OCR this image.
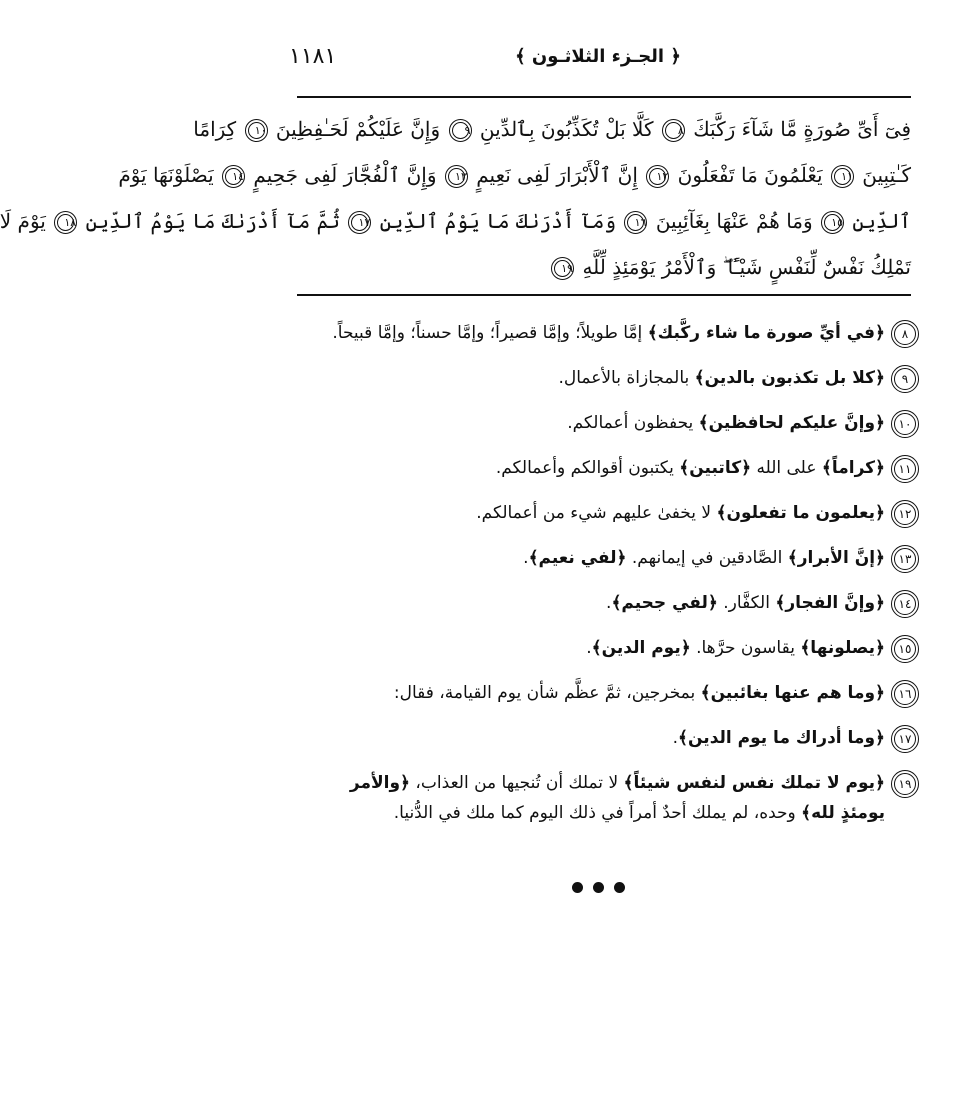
١١٨١	﴿ الجـزء الثلاثـون ﴾
فِىٓ أَىِّ صُورَةٍ مَّا شَآءَ رَكَّبَكَ ٨ كَلَّا بَلْ تُكَذِّبُونَ بِٱلدِّينِ ٩ وَإِنَّ عَلَيْكُمْ لَحَـٰفِظِينَ ١٠ كِرَامًا
كَـٰتِبِينَ ١١ يَعْلَمُونَ مَا تَفْعَلُونَ ١٢ إِنَّ ٱلْأَبْرَارَ لَفِى نَعِيمٍ ١٣ وَإِنَّ ٱلْفُجَّارَ لَفِى جَحِيمٍ ١٤ يَصْلَوْنَهَا يَوْمَ
ٱلدِّينِ ١٥ وَمَا هُمْ عَنْهَا بِغَآئِبِينَ ١٦ وَمَآ أَدْرَىٰكَ مَا يَوْمُ ٱلدِّينِ ١٧ ثُمَّ مَآ أَدْرَىٰكَ مَا يَوْمُ ٱلدِّينِ ١٨ يَوْمَ لَا
تَمْلِكُ نَفْسٌ لِّنَفْسٍ شَيْـًٔا ۖ وَٱلْأَمْرُ يَوْمَئِذٍ لِّلَّهِ ١٩
٨
﴿في أيِّ صورة ما شاء ركَّبك﴾ إمَّا طويلاً؛ وإمَّا قصيراً؛ وإمَّا حسناً؛ وإمَّا قبيحاً.
٩
﴿كلا بل تكذبون بالدين﴾ بالمجازاة بالأعمال.
١٠
﴿وإنَّ عليكم لحافظين﴾ يحفظون أعمالكم.
١١
﴿كراماً﴾ على الله ﴿كاتبين﴾ يكتبون أقوالكم وأعمالكم.
١٢
﴿يعلمون ما تفعلون﴾ لا يخفىٰ عليهم شيء من أعمالكم.
١٣
﴿إنَّ الأبرار﴾ الصَّادقين في إيمانهم. ﴿لفي نعيم﴾.
١٤
﴿وإنَّ الفجار﴾ الكفَّار. ﴿لفي جحيم﴾.
١٥
﴿يصلونها﴾ يقاسون حرَّها. ﴿يوم الدين﴾.
١٦
﴿وما هم عنها بغائبين﴾ بمخرجين، ثمَّ عظَّم شأن يوم القيامة، فقال:
١٧
﴿وما أدراك ما يوم الدين﴾.
١٩
﴿يوم لا تملك نفس لنفس شيئاً﴾ لا تملك أن تُنجيها من العذاب، ﴿والأمر يومئذٍ لله﴾ وحده، لم يملك أحدٌ أمراً في ذلك اليوم كما ملك في الدُّنيا.
